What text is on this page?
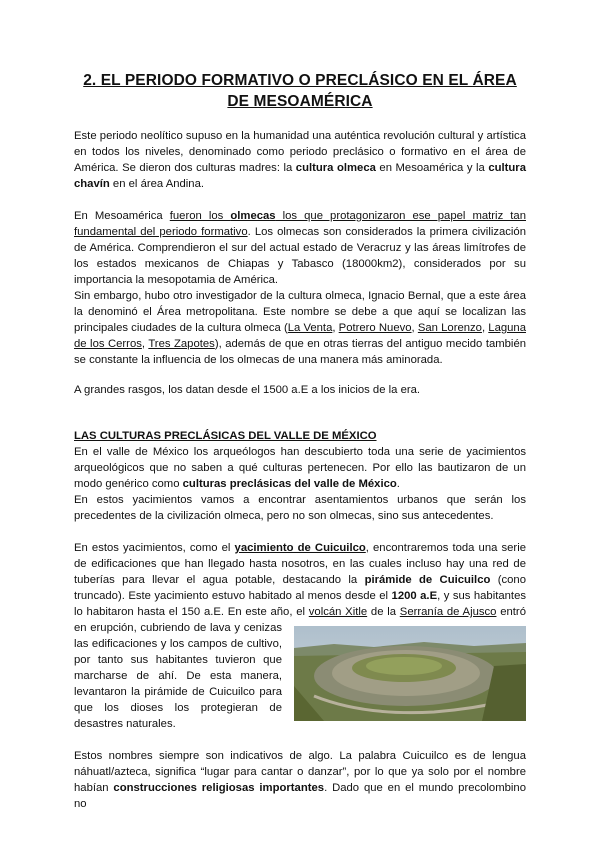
2. EL PERIODO FORMATIVO O PRECLÁSICO EN EL ÁREA DE MESOAMÉRICA

Este periodo neolítico supuso en la humanidad una auténtica revolución cultural y artística en todos los niveles, denominado como periodo preclásico o formativo en el área de América. Se dieron dos culturas madres: la cultura olmeca en Mesoamérica y la cultura chavín en el área Andina.

En Mesoamérica fueron los olmecas los que protagonizaron ese papel matriz tan fundamental del periodo formativo. Los olmecas son considerados la primera civilización de América. Comprendieron el sur del actual estado de Veracruz y las áreas limítrofes de los estados mexicanos de Chiapas y Tabasco (18000km2), considerados por su importancia la mesopotamia de América.

Sin embargo, hubo otro investigador de la cultura olmeca, Ignacio Bernal, que a este área la denominó el Área metropolitana. Este nombre se debe a que aquí se localizan las principales ciudades de la cultura olmeca (La Venta, Potrero Nuevo, San Lorenzo, Laguna de los Cerros, Tres Zapotes), además de que en otras tierras del antiguo mecido también se constante la influencia de los olmecas de una manera más aminorada.

A grandes rasgos, los datan desde el 1500 a.E a los inicios de la era.

LAS CULTURAS PRECLÁSICAS DEL VALLE DE MÉXICO

En el valle de México los arqueólogos han descubierto toda una serie de yacimientos arqueológicos que no saben a qué culturas pertenecen. Por ello las bautizaron de un modo genérico como culturas preclásicas del valle de México.

En estos yacimientos vamos a encontrar asentamientos urbanos que serán los precedentes de la civilización olmeca, pero no son olmecas, sino sus antecedentes.

En estos yacimientos, como el yacimiento de Cuicuilco, encontraremos toda una serie de edificaciones que han llegado hasta nosotros, en las cuales incluso hay una red de tuberías para llevar el agua potable, destacando la pirámide de Cuicuilco (cono truncado). Este yacimiento estuvo habitado al menos desde el 1200 a.E, y sus habitantes lo habitaron hasta el 150 a.E. En este año, el
volcán Xitle de la Serranía de Ajusco entró en erupción, cubriendo de lava y cenizas las edificaciones y los campos de cultivo, por tanto sus habitantes tuvieron que marcharse de ahí. De esta manera, levantaron la pirámide de Cuicuilco para que los dioses los protegieran de desastres naturales.

Estos nombres siempre son indicativos de algo. La palabra Cuicuilco es de lengua náhuatl/azteca, significa “lugar para cantar o danzar”, por lo que ya solo por el nombre habían construcciones religiosas importantes. Dado que en el mundo precolombino no
